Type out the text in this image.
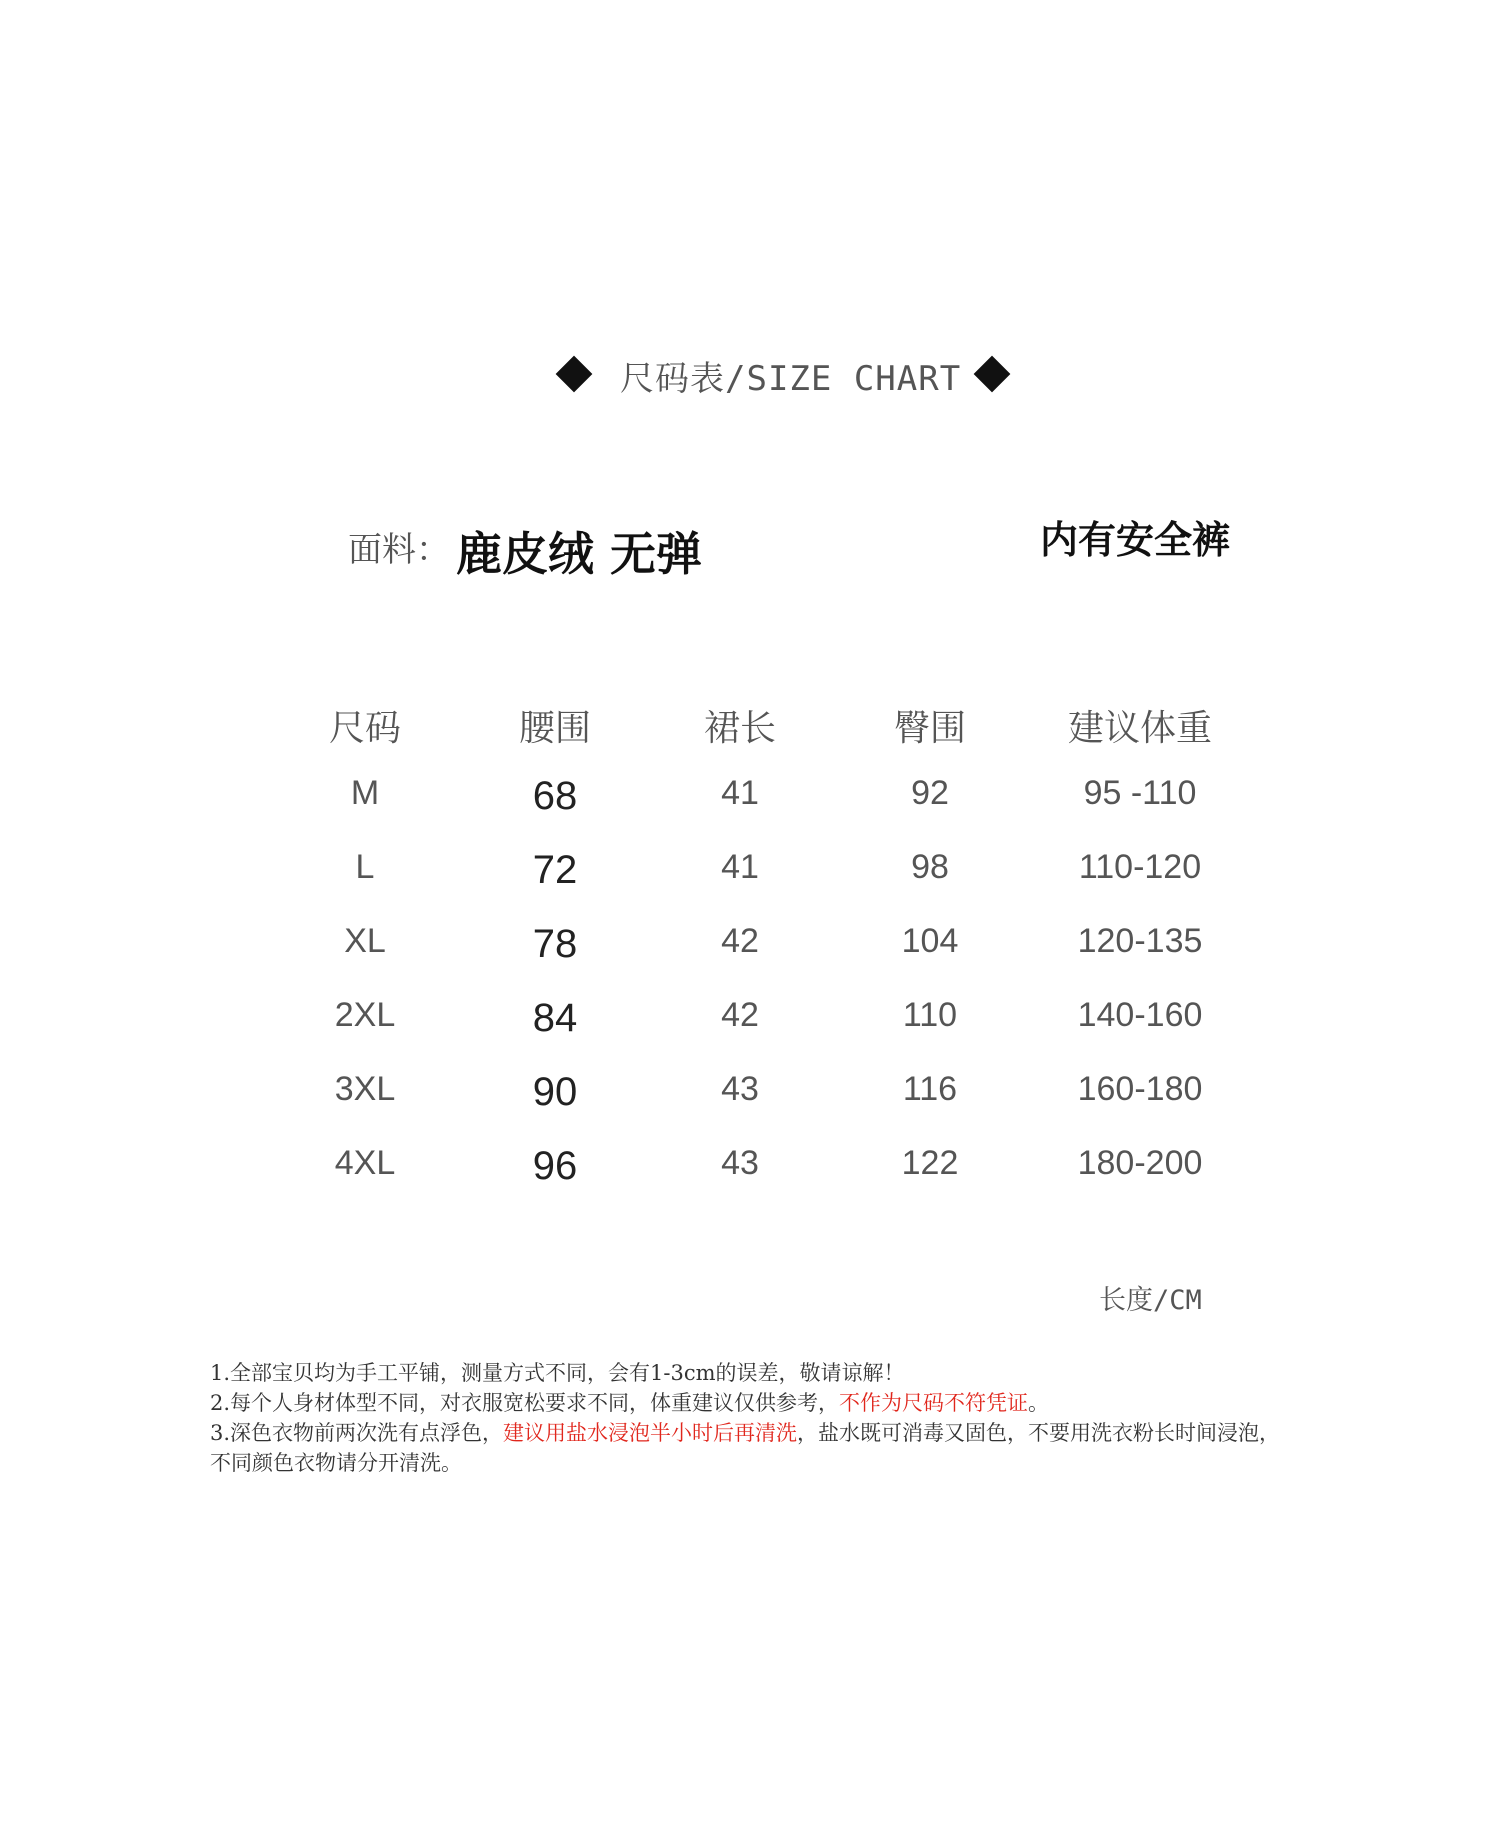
尺码表/SIZE CHART
面料： 鹿皮绒 无弹	内有安全裤
尺码	腰围	裙长	臀围	建议体重
M	68	41	92	95 -110
L	72	41	98	110-120
XL	78	42	104	120-135
2XL	84	42	110	140-160
3XL	90	43	116	160-180
4XL	96	43	122	180-200
长度/CM

1.全部宝贝均为手工平铺，测量方式不同，会有1-3cm的误差，敬请谅解！

2.每个人身材体型不同，对衣服宽松要求不同，体重建议仅供参考，不作为尺码不符凭证。

3.深色衣物前两次洗有点浮色，建议用盐水浸泡半小时后再清洗，盐水既可消毒又固色，不要用洗衣粉长时间浸泡，不同颜色衣物请分开清洗。
